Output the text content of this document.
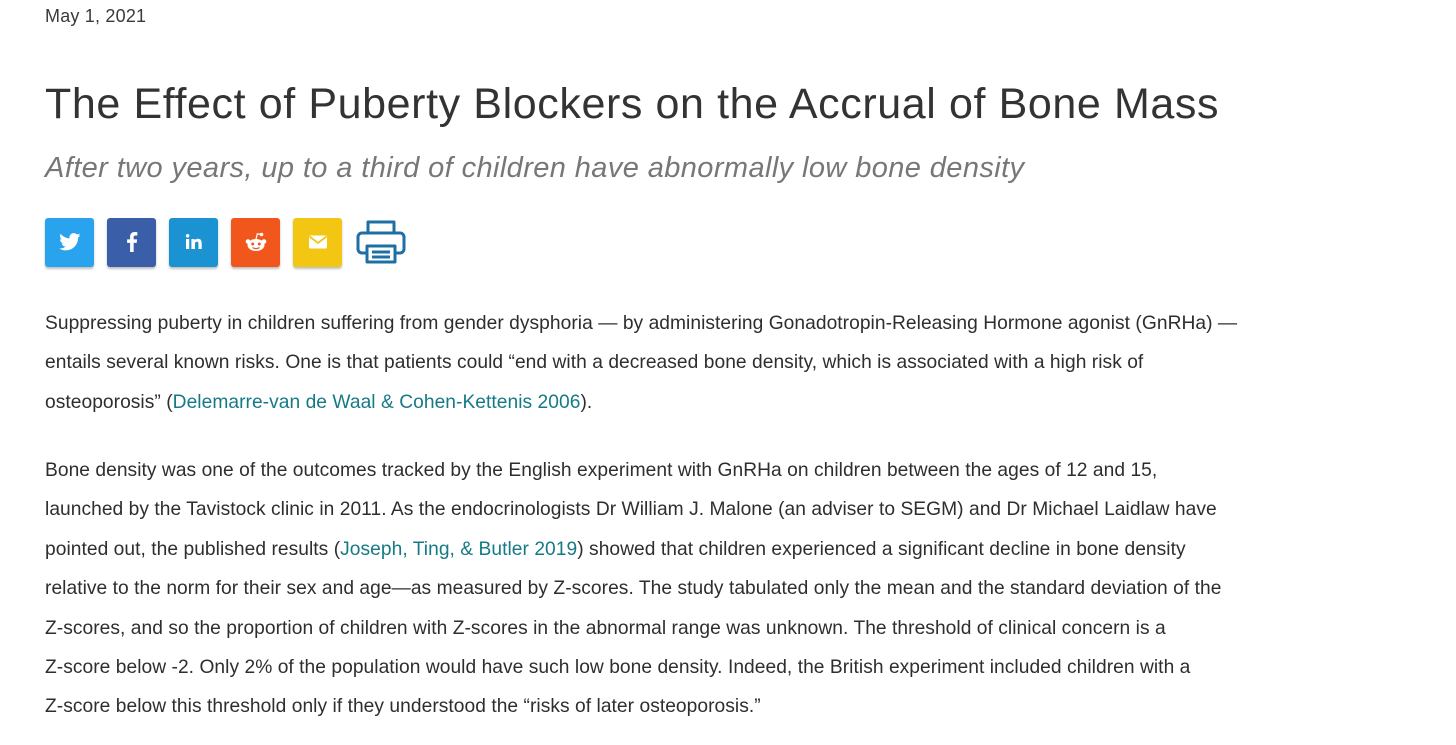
May 1, 2021
The Effect of Puberty Blockers on the Accrual of Bone Mass
After two years, up to a third of children have abnormally low bone density
Suppressing puberty in children suffering from gender dysphoria — by administering Gonadotropin-Releasing Hormone agonist (GnRHa) —
entails several known risks. One is that patients could “end with a decreased bone density, which is associated with a high risk of
osteoporosis” (Delemarre-van de Waal & Cohen-Kettenis 2006).
Bone density was one of the outcomes tracked by the English experiment with GnRHa on children between the ages of 12 and 15,
launched by the Tavistock clinic in 2011. As the endocrinologists Dr William J. Malone (an adviser to SEGM) and Dr Michael Laidlaw have
pointed out, the published results (Joseph, Ting, & Butler 2019) showed that children experienced a significant decline in bone density
relative to the norm for their sex and age—as measured by Z-scores. The study tabulated only the mean and the standard deviation of the
Z-scores, and so the proportion of children with Z-scores in the abnormal range was unknown. The threshold of clinical concern is a
Z-score below -2. Only 2% of the population would have such low bone density. Indeed, the British experiment included children with a
Z-score below this threshold only if they understood the “risks of later osteoporosis.”
